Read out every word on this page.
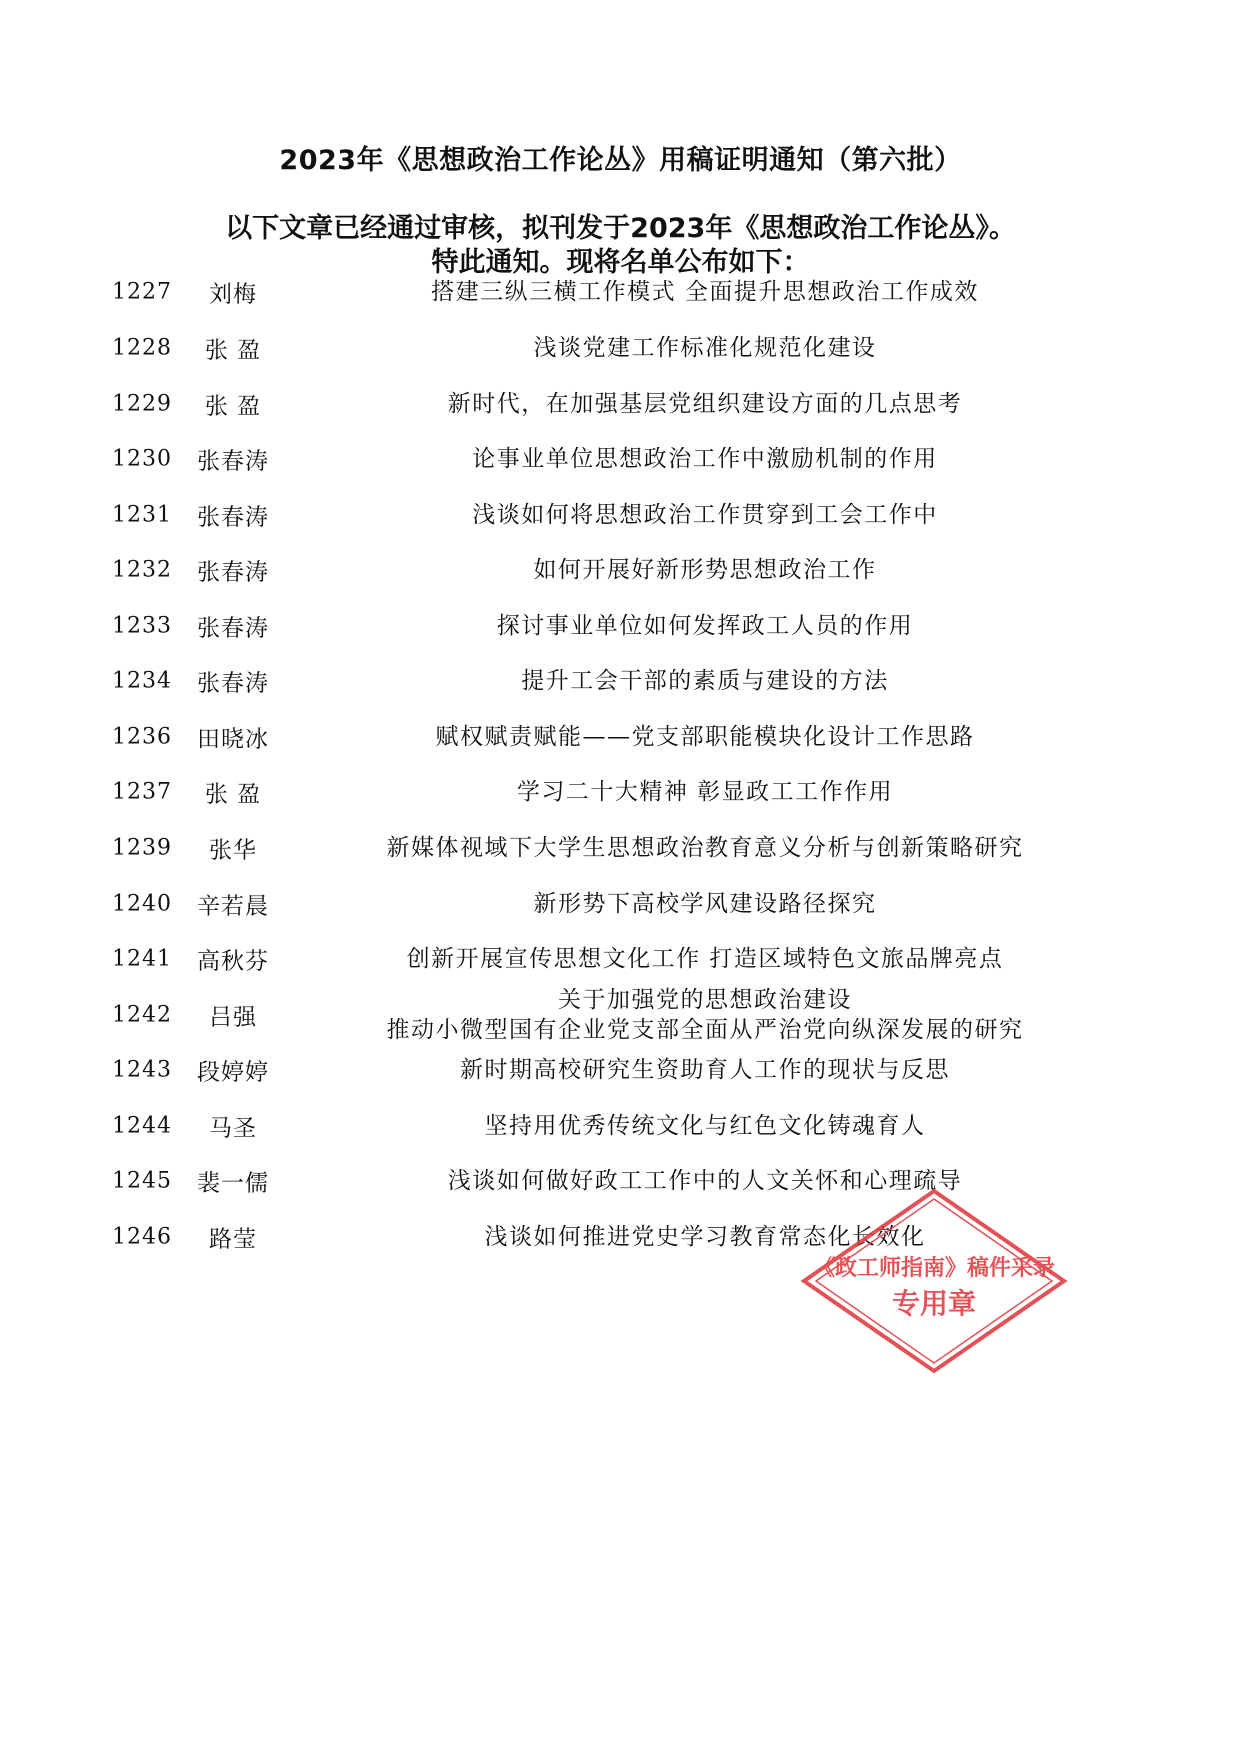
2023年《思想政治工作论丛》用稿证明通知（第六批）
以下文章已经通过审核，拟刊发于2023年《思想政治工作论丛》。
特此通知。现将名单公布如下：
1227	刘梅	搭建三纵三横工作模式 全面提升思想政治工作成效
1228	张 盈	浅谈党建工作标准化规范化建设
1229	张 盈	新时代，在加强基层党组织建设方面的几点思考
1230 张春涛	论事业单位思想政治工作中激励机制的作用
1231 张春涛	浅谈如何将思想政治工作贯穿到工会工作中
1232 张春涛	如何开展好新形势思想政治工作
1233 张春涛	探讨事业单位如何发挥政工人员的作用
1234 张春涛	提升工会干部的素质与建设的方法
1236 田晓冰	赋权赋责赋能——党支部职能模块化设计工作思路
1237	张 盈	学习二十大精神 彰显政工工作作用
1239	张华	新媒体视域下大学生思想政治教育意义分析与创新策略研究
1240 辛若晨	新形势下高校学风建设路径探究
1241 高秋芬	创新开展宣传思想文化工作 打造区域特色文旅品牌亮点
1242	吕强
关于加强党的思想政治建设
推动小微型国有企业党支部全面从严治党向纵深发展的研究
1243 段婷婷	新时期高校研究生资助育人工作的现状与反思
1244	马圣	坚持用优秀传统文化与红色文化铸魂育人
1245 裴一儒	浅谈如何做好政工工作中的人文关怀和心理疏导
1246	路莹	浅谈如何推进党史学习教育常态化长效化
《政工师指南》稿件采录
专用章
